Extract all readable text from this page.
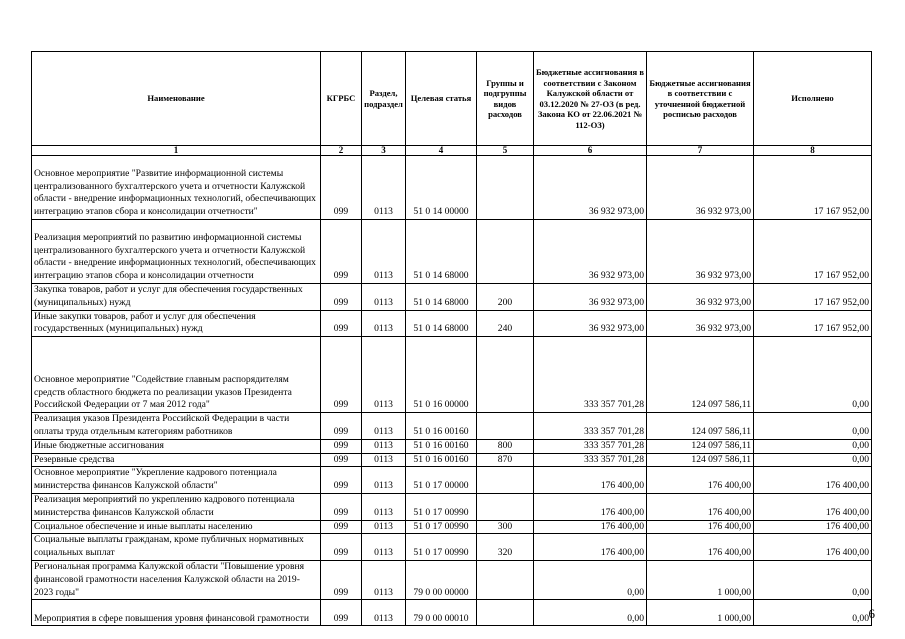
Наименование	КГРБС	Раздел, подраздел	Целевая статья	Группы и подгруппы видов расходов	Бюджетные ассигнования в соответствии с Законом Калужской области от 03.12.2020 № 27-ОЗ (в ред. Закона КО от 22.06.2021 № 112-ОЗ)	Бюджетные ассигнования в соответствии с уточненной бюджетной росписью расходов	Исполнено
1	2	3	4	5	6	7	8
Основное мероприятие "Развитие информационной системы централизованного бухгалтерского учета и отчетности Калужской области - внедрение информационных технологий, обеспечивающих интеграцию этапов сбора и консолидации отчетности"	099	0113	51 0 14 00000		36 932 973,00	36 932 973,00	17 167 952,00
Реализация мероприятий по развитию информационной системы централизованного бухгалтерского учета и отчетности Калужской области - внедрение информационных технологий, обеспечивающих интеграцию этапов сбора и консолидации отчетности	099	0113	51 0 14 68000		36 932 973,00	36 932 973,00	17 167 952,00
Закупка товаров, работ и услуг для обеспечения государственных (муниципальных) нужд	099	0113	51 0 14 68000	200	36 932 973,00	36 932 973,00	17 167 952,00
Иные закупки товаров, работ и услуг для обеспечения государственных (муниципальных) нужд	099	0113	51 0 14 68000	240	36 932 973,00	36 932 973,00	17 167 952,00
Основное мероприятие "Содействие главным распорядителям средств областного бюджета по реализации указов Президента Российской Федерации от 7 мая 2012 года"	099	0113	51 0 16 00000		333 357 701,28	124 097 586,11	0,00
Реализация указов Президента Российской Федерации в части оплаты труда отдельным категориям работников	099	0113	51 0 16 00160		333 357 701,28	124 097 586,11	0,00
Иные бюджетные ассигнования	099	0113	51 0 16 00160	800	333 357 701,28	124 097 586,11	0,00
Резервные средства	099	0113	51 0 16 00160	870	333 357 701,28	124 097 586,11	0,00
Основное мероприятие "Укрепление кадрового потенциала министерства финансов Калужской области"	099	0113	51 0 17 00000		176 400,00	176 400,00	176 400,00
Реализация мероприятий по укреплению кадрового потенциала министерства финансов Калужской области	099	0113	51 0 17 00990		176 400,00	176 400,00	176 400,00
Социальное обеспечение и иные выплаты населению	099	0113	51 0 17 00990	300	176 400,00	176 400,00	176 400,00
Социальные выплаты гражданам, кроме публичных нормативных социальных выплат	099	0113	51 0 17 00990	320	176 400,00	176 400,00	176 400,00
Региональная программа Калужской области "Повышение уровня финансовой грамотности населения Калужской области на 2019-2023 годы"	099	0113	79 0 00 00000		0,00	1 000,00	0,00
Мероприятия в сфере повышения уровня финансовой грамотности	099	0113	79 0 00 00010		0,00	1 000,00	0,00 6
